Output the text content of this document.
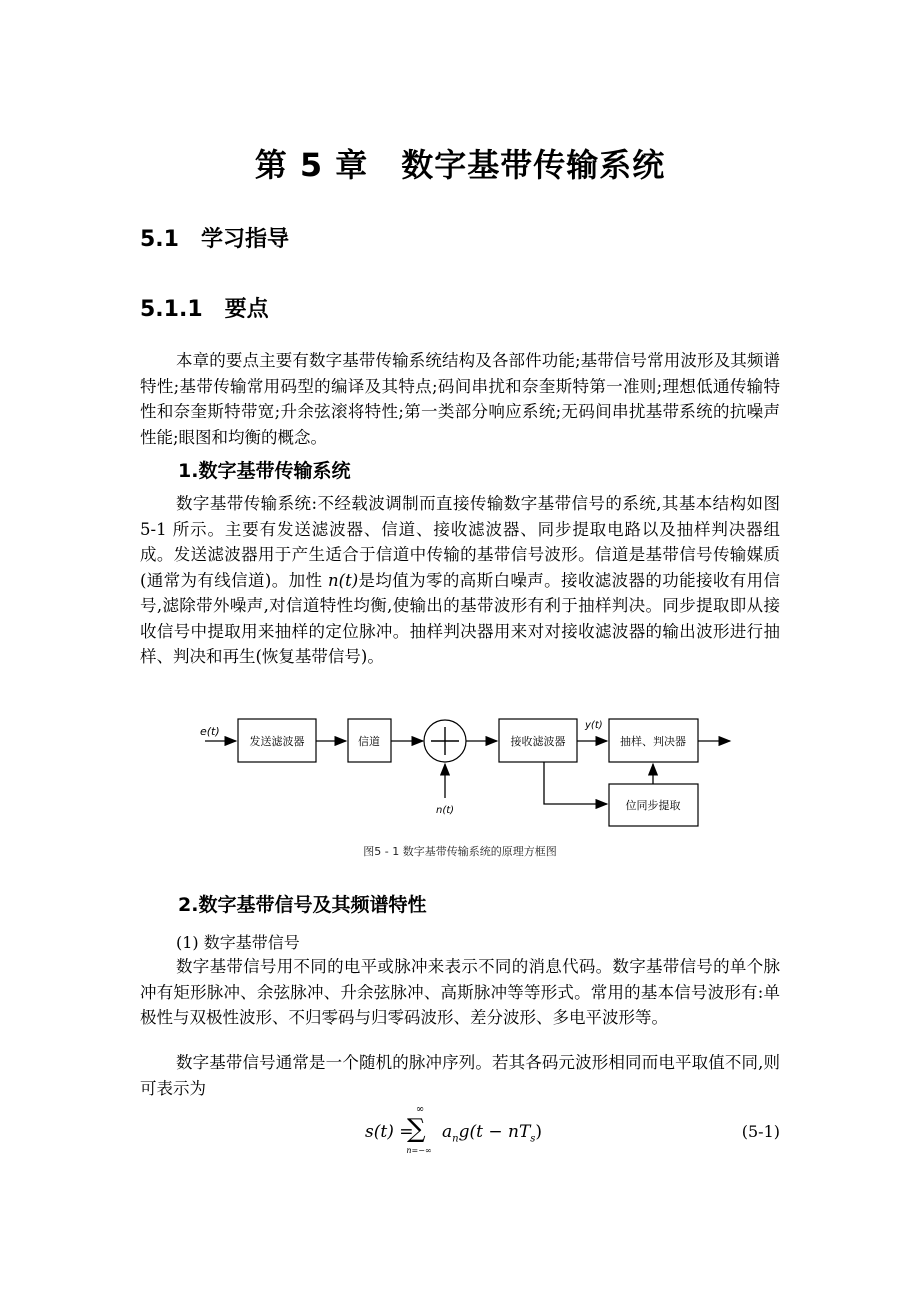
第 5 章　数字基带传输系统
5.1　学习指导
5.1.1　要点
本章的要点主要有数字基带传输系统结构及各部件功能;基带信号常用波形及其频谱特性;基带传输常用码型的编译及其特点;码间串扰和奈奎斯特第一准则;理想低通传输特性和奈奎斯特带宽;升余弦滚将特性;第一类部分响应系统;无码间串扰基带系统的抗噪声性能;眼图和均衡的概念。
1.数字基带传输系统
数字基带传输系统:不经载波调制而直接传输数字基带信号的系统,其基本结构如图 5-1 所示。主要有发送滤波器、信道、接收滤波器、同步提取电路以及抽样判决器组成。发送滤波器用于产生适合于信道中传输的基带信号波形。信道是基带信号传输媒质(通常为有线信道)。加性 n(t)是均值为零的高斯白噪声。接收滤波器的功能接收有用信号,滤除带外噪声,对信道特性均衡,使输出的基带波形有利于抽样判决。同步提取即从接收信号中提取用来抽样的定位脉冲。抽样判决器用来对对接收滤波器的输出波形进行抽样、判决和再生(恢复基带信号)。
e(t)
发送滤波器	信道
n(t)
接收滤波器
y(t)
抽样、判决器
位同步提取
图5 - 1 数字基带传输系统的原理方框图
2.数字基带信号及其频谱特性
(1) 数字基带信号
数字基带信号用不同的电平或脉冲来表示不同的消息代码。数字基带信号的单个脉冲有矩形脉冲、余弦脉冲、升余弦脉冲、高斯脉冲等等形式。常用的基本信号波形有:单极性与双极性波形、不归零码与归零码波形、差分波形、多电平波形等。
数字基带信号通常是一个随机的脉冲序列。若其各码元波形相同而电平取值不同,则可表示为
s(t) =
∞
∑
n=−∞
$a_ng(t - nT_s)$	(5-1)
